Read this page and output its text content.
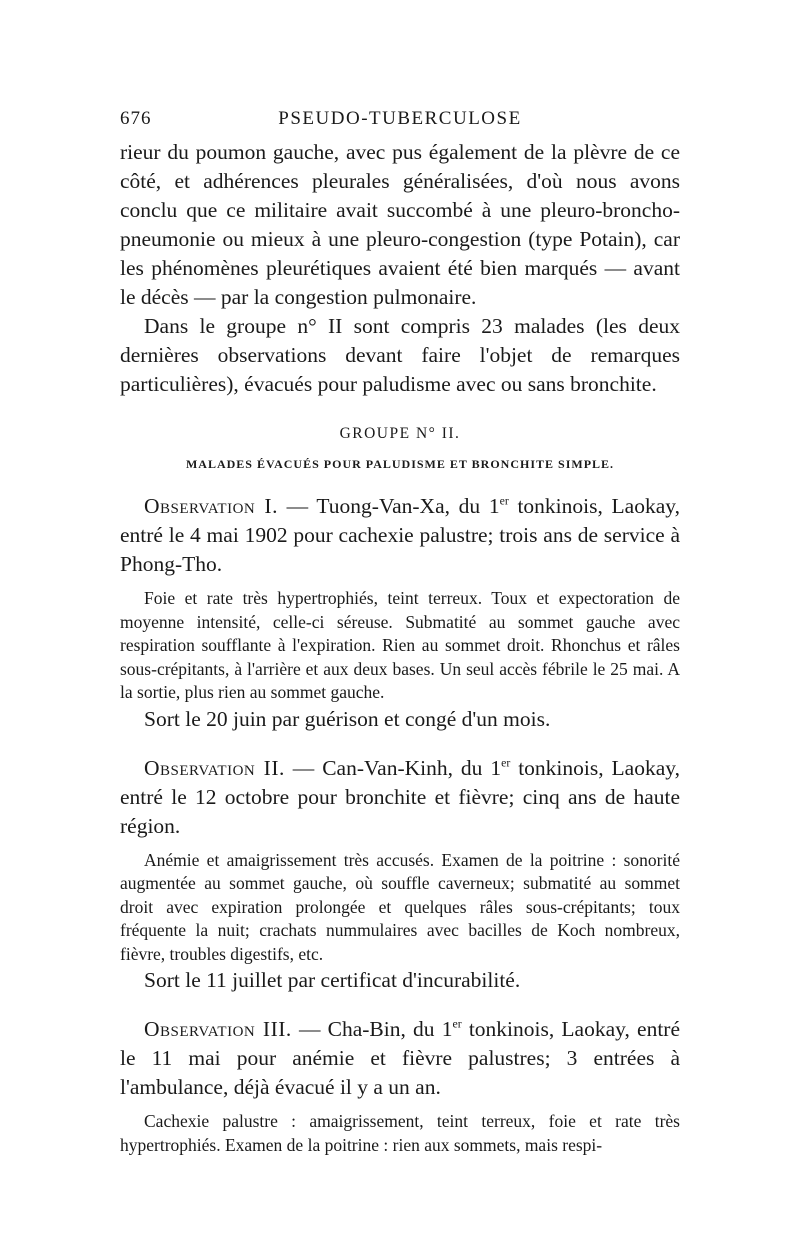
676	PSEUDO-TUBERCULOSE

rieur du poumon gauche, avec pus également de la plèvre de ce côté, et adhérences pleurales généralisées, d'où nous avons conclu que ce militaire avait succombé à une pleuro-broncho-pneumonie ou mieux à une pleuro-congestion (type Potain), car les phénomènes pleurétiques avaient été bien marqués — avant le décès — par la congestion pulmonaire.

Dans le groupe n° II sont compris 23 malades (les deux dernières observations devant faire l'objet de remarques particulières), évacués pour paludisme avec ou sans bronchite.

GROUPE N° II.
MALADES ÉVACUÉS POUR PALUDISME ET BRONCHITE SIMPLE.

Observation I. — Tuong-Van-Xa, du 1er tonkinois, Laokay, entré le 4 mai 1902 pour cachexie palustre; trois ans de service à Phong-Tho.

Foie et rate très hypertrophiés, teint terreux. Toux et expectoration de moyenne intensité, celle-ci séreuse. Submatité au sommet gauche avec respiration soufflante à l'expiration. Rien au sommet droit. Rhonchus et râles sous-crépitants, à l'arrière et aux deux bases. Un seul accès fébrile le 25 mai. A la sortie, plus rien au sommet gauche.

Sort le 20 juin par guérison et congé d'un mois.

Observation II. — Can-Van-Kinh, du 1er tonkinois, Laokay, entré le 12 octobre pour bronchite et fièvre; cinq ans de haute région.

Anémie et amaigrissement très accusés. Examen de la poitrine : sonorité augmentée au sommet gauche, où souffle caverneux; submatité au sommet droit avec expiration prolongée et quelques râles sous-crépitants; toux fréquente la nuit; crachats nummulaires avec bacilles de Koch nombreux, fièvre, troubles digestifs, etc.

Sort le 11 juillet par certificat d'incurabilité.

Observation III. — Cha-Bin, du 1er tonkinois, Laokay, entré le 11 mai pour anémie et fièvre palustres; 3 entrées à l'ambulance, déjà évacué il y a un an.

Cachexie palustre : amaigrissement, teint terreux, foie et rate très hypertrophiés. Examen de la poitrine : rien aux sommets, mais respi-
